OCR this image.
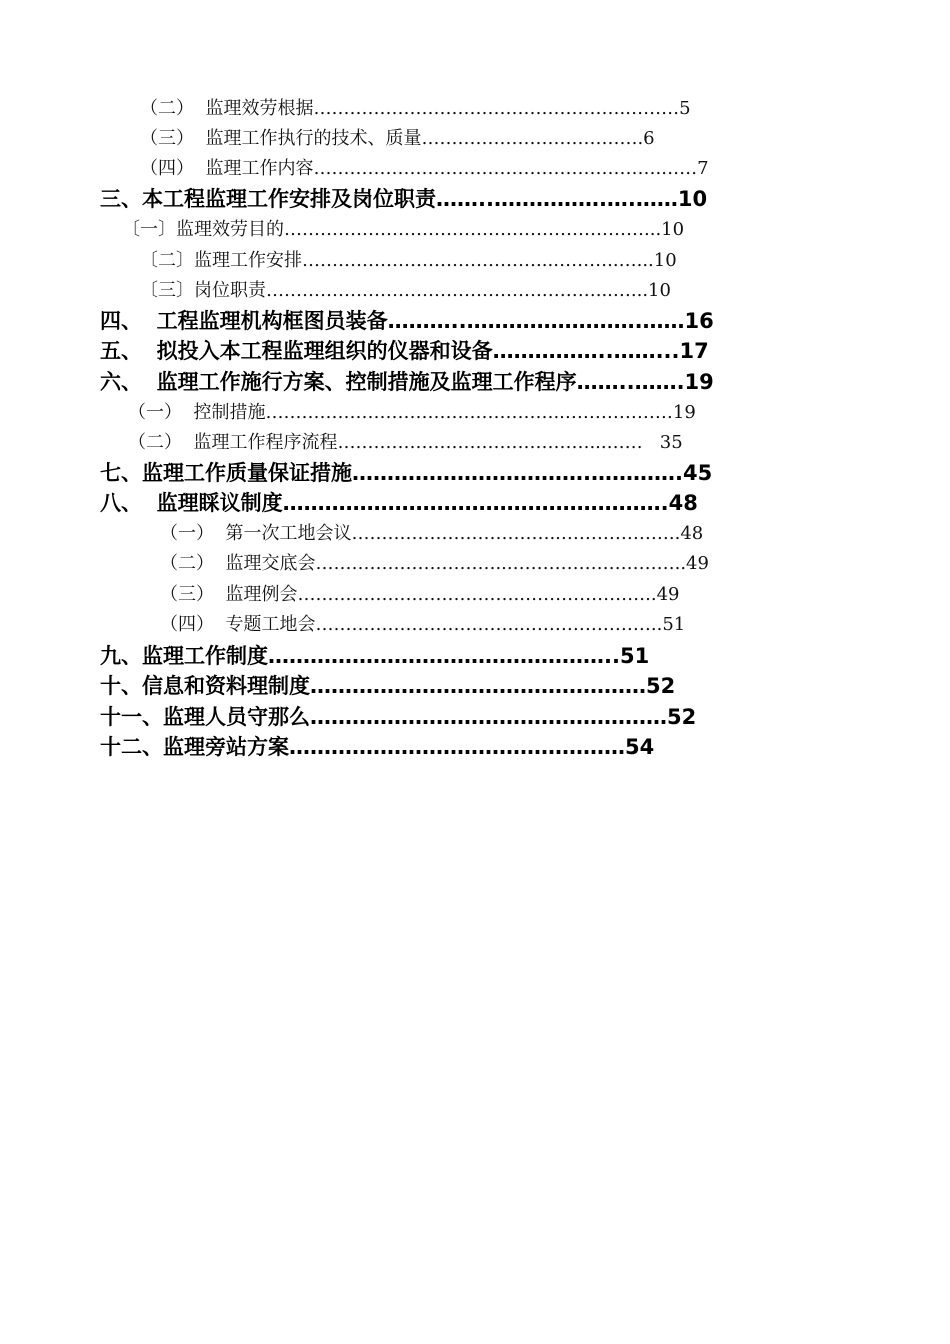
（二）  监理效劳根据…………………………………………….………5
（三）  监理工作执行的技术、质量……………………………….6
（四）  监理工作内容………………………………………………….……7
三、本工程监理工作安排及岗位职责……..…………….….……10
〔一〕监理效劳目的……………………………………………………...10
〔二〕监理工作安排…………………………………...………..…...10
〔三〕岗位职责……………………………………….………...…...10
四、  工程监理机构框图员装备………..…………………….……16
五、  拟投入本工程监理组织的仪器和设备……………..……...17
六、  监理工作施行方案、控制措施及监理工作程序……..…….19
（一）  控制措施…………………………………………..………………19
（二）  监理工作程序流程……………………………………...……   35
七、监理工作质量保证措施…………………………….………….45
八、  监理睬议制度……………………………………………….48
（一）  第一次工地会议……………………………..………………..48
（二）  监理交底会…………………………...………………………..49
（三）  监理例会……………………………….…………………..49
（四）  专题工地会……………………………..…………………..51
九、监理工作制度…………………………………………..51
十、信息和资料理制度…………………………………………52
十一、监理人员守那么……………………………………………52
十二、监理旁站方案…………………………………………54
